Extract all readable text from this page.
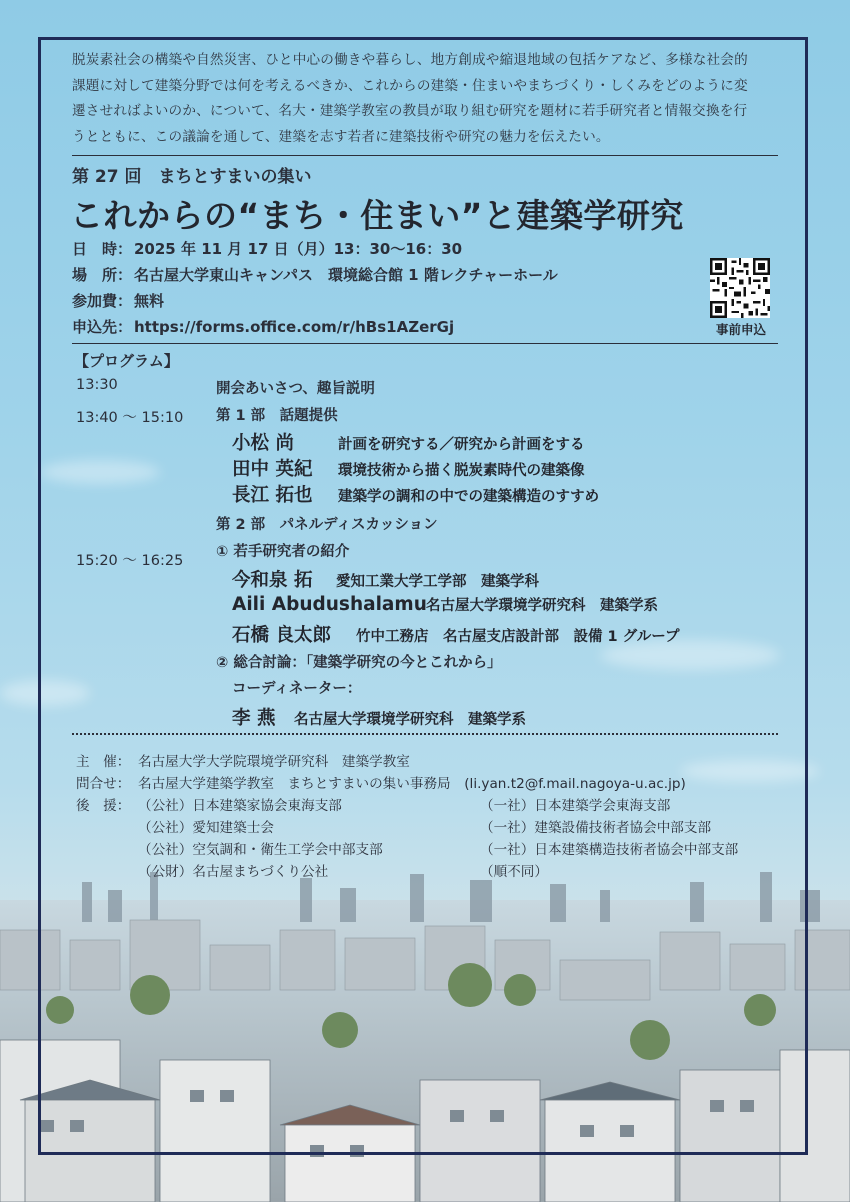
脱炭素社会の構築や自然災害、ひと中心の働きや暮らし、地方創成や縮退地域の包括ケアなど、多様な社会的
課題に対して建築分野では何を考えるべきか、これからの建築・住まいやまちづくり・しくみをどのように変
遷させればよいのか、について、名大・建築学教室の教員が取り組む研究を題材に若手研究者と情報交換を行
うとともに、この議論を通して、建築を志す若者に建築技術や研究の魅力を伝えたい。
第 27 回　まちとすまいの集い
これからの“まち・住まい”と建築学研究
日　時： 2025 年 11 月 17 日（月）13：30〜16：30
場　所： 名古屋大学東山キャンパス　環境総合館 1 階レクチャーホール
参加費： 無料
申込先： https://forms.office.com/r/hBs1AZerGj	事前申込
【プログラム】
13:30	開会あいさつ、趣旨説明
13:40 〜 15:10 第 1 部　話題提供
小松 尚	計画を研究する／研究から計画をする
田中 英紀 環境技術から描く脱炭素時代の建築像
長江 拓也 建築学の調和の中での建築構造のすすめ
第 2 部　パネルディスカッション
① 若手研究者の紹介
15:20 〜 16:25
今和泉 拓 愛知工業大学工学部　建築学科
Aili Abudushalamu名古屋大学環境学研究科　建築学系
石橋 良太郎 竹中工務店　名古屋支店設計部　設備 1 グループ
② 総合討論：「建築学研究の今とこれから」
コーディネーター：
李 燕 名古屋大学環境学研究科　建築学系
主　催： 名古屋大学大学院環境学研究科　建築学教室
問合せ： 名古屋大学建築学教室　まちとすまいの集い事務局　(li.yan.t2@f.mail.nagoya-u.ac.jp)
後　援： （公社）日本建築家協会東海支部
（公社）愛知建築士会
（公社）空気調和・衛生工学会中部支部
（公財）名古屋まちづくり公社
（一社）日本建築学会東海支部
（一社）建築設備技術者協会中部支部
（一社）日本建築構造技術者協会中部支部
（順不同）
